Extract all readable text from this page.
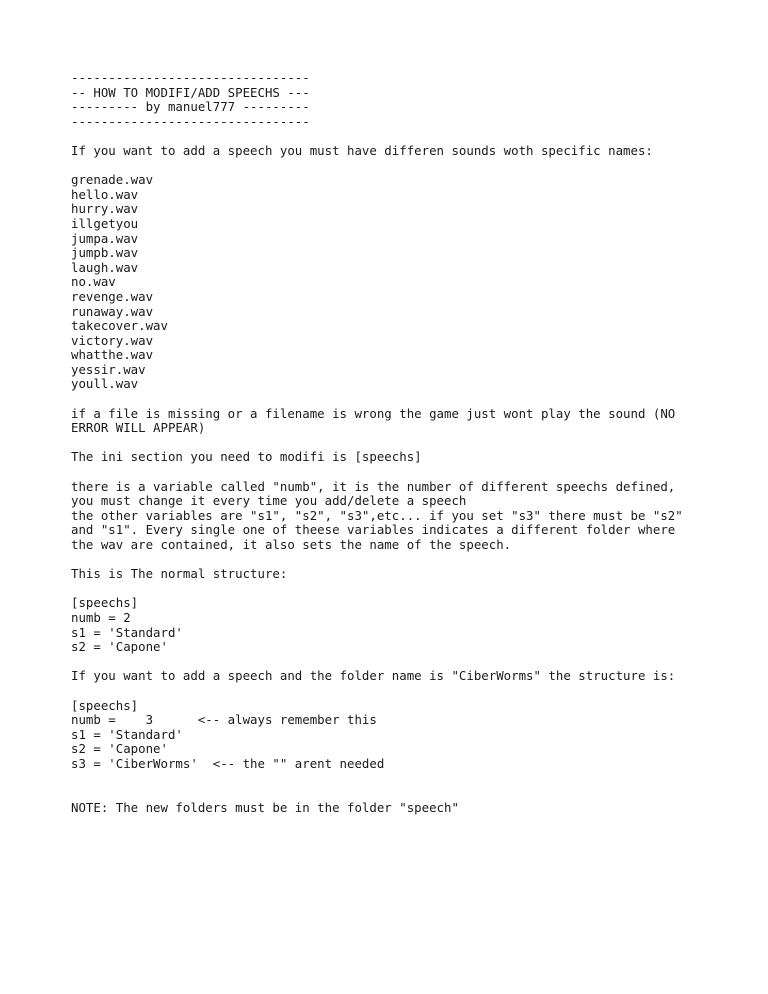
--------------------------------
-- HOW TO MODIFI/ADD SPEECHS ---
--------- by manuel777 ---------
--------------------------------
If you want to add a speech you must have differen sounds woth specific names:
grenade.wav
hello.wav
hurry.wav
illgetyou
jumpa.wav
jumpb.wav
laugh.wav
no.wav
revenge.wav
runaway.wav
takecover.wav
victory.wav
whatthe.wav
yessir.wav
youll.wav
if a file is missing or a filename is wrong the game just wont play the sound (NO
ERROR WILL APPEAR)
The ini section you need to modifi is [speechs]
there is a variable called "numb", it is the number of different speechs defined,
you must change it every time you add/delete a speech
the other variables are "s1", "s2", "s3",etc... if you set "s3" there must be "s2"
and "s1". Every single one of theese variables indicates a different folder where
the wav are contained, it also sets the name of the speech.
This is The normal structure:
[speechs]
numb = 2
s1 = 'Standard'
s2 = 'Capone'
If you want to add a speech and the folder name is "CiberWorms" the structure is:
[speechs]
numb =    3      <-- always remember this
s1 = 'Standard'
s2 = 'Capone'
s3 = 'CiberWorms'  <-- the "" arent needed
NOTE: The new folders must be in the folder "speech"
